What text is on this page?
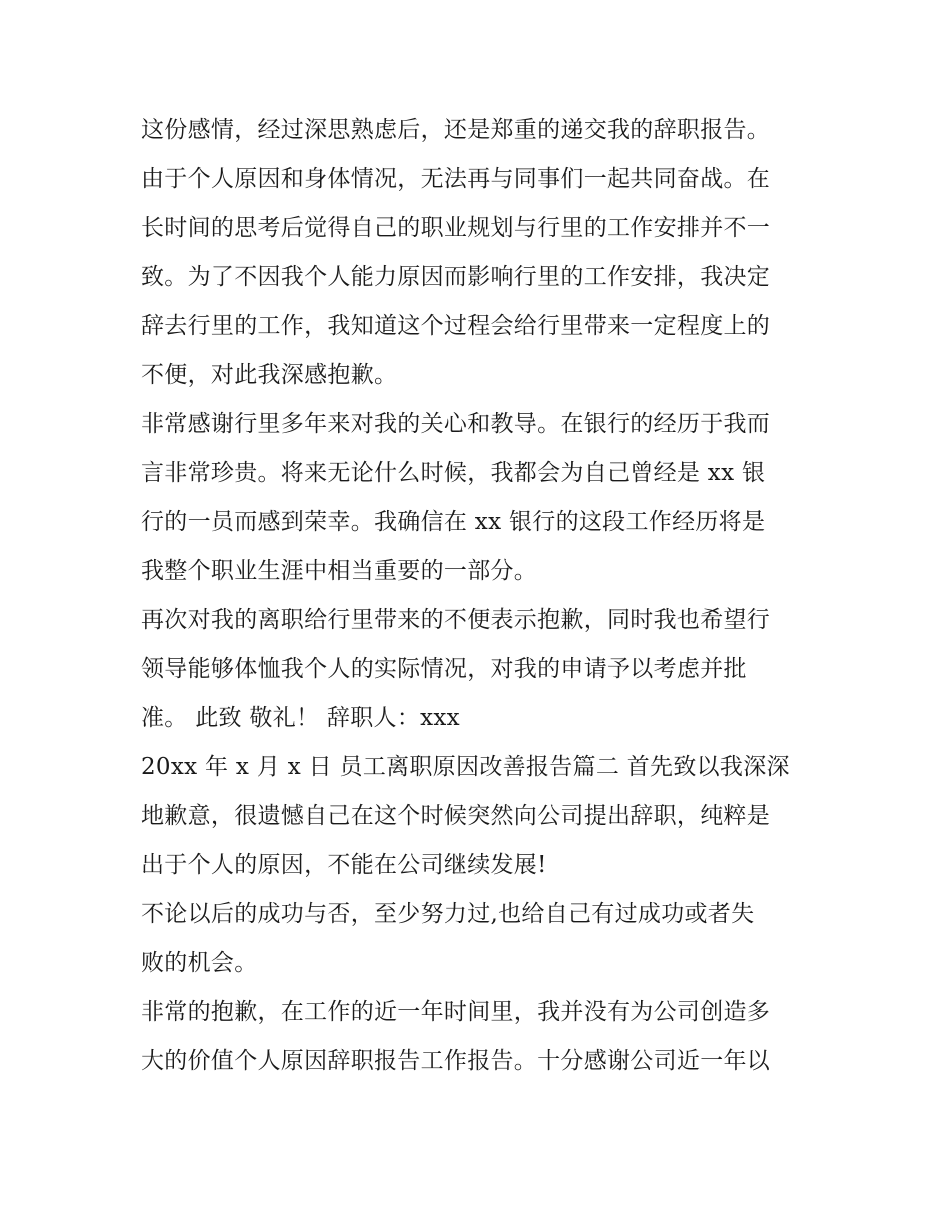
这份感情，经过深思熟虑后，还是郑重的递交我的辞职报告。
由于个人原因和身体情况，无法再与同事们一起共同奋战。在
长时间的思考后觉得自己的职业规划与行里的工作安排并不一
致。为了不因我个人能力原因而影响行里的工作安排，我决定
辞去行里的工作，我知道这个过程会给行里带来一定程度上的
不便，对此我深感抱歉。
非常感谢行里多年来对我的关心和教导。在银行的经历于我而
言非常珍贵。将来无论什么时候，我都会为自己曾经是 xx 银
行的一员而感到荣幸。我确信在 xx 银行的这段工作经历将是
我整个职业生涯中相当重要的一部分。
再次对我的离职给行里带来的不便表示抱歉，同时我也希望行
领导能够体恤我个人的实际情况，对我的申请予以考虑并批
准。 此致 敬礼！ 辞职人：xxx
20xx 年 x 月 x 日 员工离职原因改善报告篇二 首先致以我深深
地歉意，很遗憾自己在这个时候突然向公司提出辞职，纯粹是
出于个人的原因，不能在公司继续发展!
不论以后的成功与否，至少努力过,也给自己有过成功或者失
败的机会。
非常的抱歉，在工作的近一年时间里，我并没有为公司创造多
大的价值个人原因辞职报告工作报告。十分感谢公司近一年以
